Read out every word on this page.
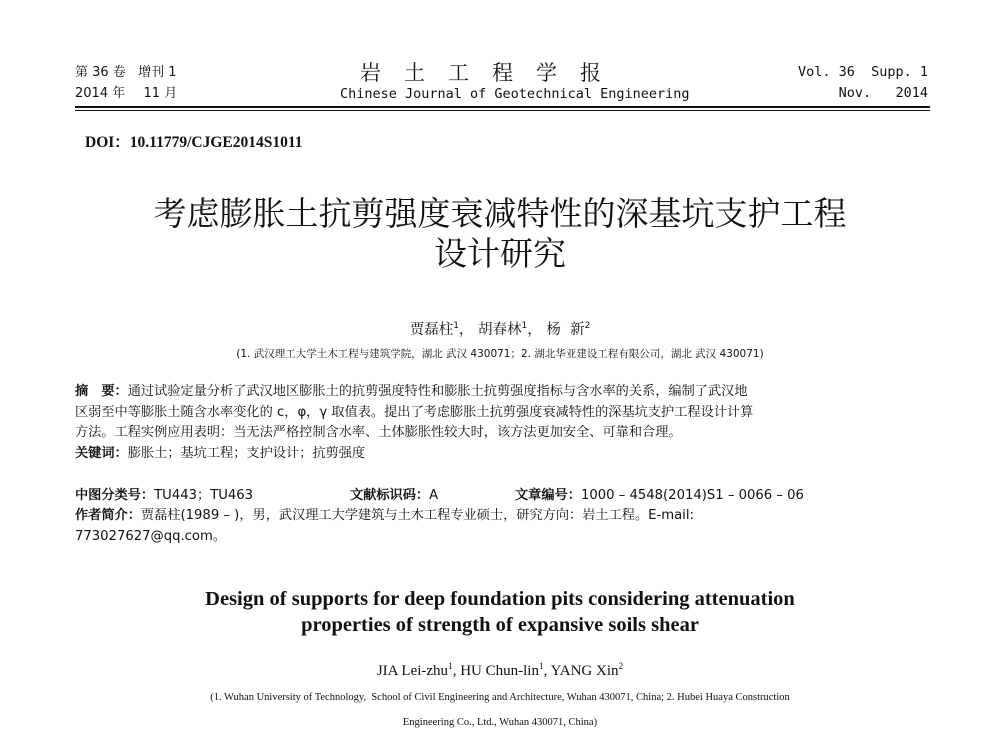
第 36 卷 增刊 1
2014 年 11 月
岩土工程学报
Chinese Journal of Geotechnical Engineering
Vol. 36  Supp. 1
Nov.   2014
DOI：10.11779/CJGE2014S1011
考虑膨胀土抗剪强度衰减特性的深基坑支护工程
设计研究
贾磊柱$^1$， 胡春林$^1$， 杨  新$^2$
(1. 武汉理工大学土木工程与建筑学院，湖北 武汉 430071；2. 湖北华亚建设工程有限公司，湖北 武汉 430071)
摘　要：通过试验定量分析了武汉地区膨胀土的抗剪强度特性和膨胀土抗剪强度指标与含水率的关系，编制了武汉地
区弱至中等膨胀土随含水率变化的 c，φ，γ 取值表。提出了考虑膨胀土抗剪强度衰减特性的深基坑支护工程设计计算
方法。工程实例应用表明：当无法严格控制含水率、土体膨胀性较大时，该方法更加安全、可靠和合理。
关键词：膨胀土；基坑工程；支护设计；抗剪强度
中图分类号：TU443；TU463	文献标识码：A	文章编号：1000 – 4548(2014)S1 – 0066 – 06
作者简介：贾磊柱(1989 – )，男，武汉理工大学建筑与土木工程专业硕士，研究方向：岩土工程。E-mail:
773027627@qq.com。
Design of supports for deep foundation pits considering attenuation
properties of strength of expansive soils shear
JIA Lei-zhu$^1$, HU Chun-lin$^1$, YANG Xin$^2$
(1. Wuhan University of Technology,  School of Civil Engineering and Architecture, Wuhan 430071, China; 2. Hubei Huaya Construction
Engineering Co., Ltd., Wuhan 430071, China)
